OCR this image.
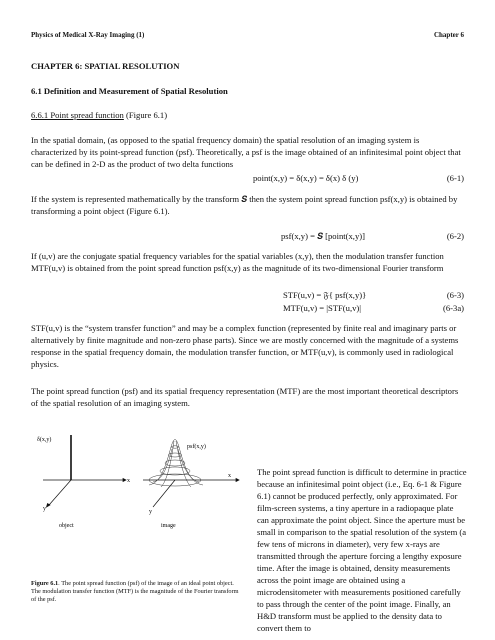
Physics of Medical X-Ray Imaging (1)	Chapter 6
CHAPTER 6: SPATIAL RESOLUTION
6.1 Definition and Measurement of Spatial Resolution
6.6.1 Point spread function (Figure 6.1)

In the spatial domain, (as opposed to the spatial frequency domain) the spatial resolution of an imaging system is characterized by its point-spread function (psf). Theoretically, a psf is the image obtained of an infinitesimal point object that can be defined in 2-D as the product of two delta functions

point(x,y) = δ(x,y) = δ(x) δ (y)	(6-1)

If the system is represented mathematically by the transform 𝑺 then the system point spread function psf(x,y) is obtained by transforming a point object (Figure 6.1).

psf(x,y) = 𝑺 [point(x,y)]	(6-2)

If (u,v) are the conjugate spatial frequency variables for the spatial variables (x,y), then the modulation transfer function MTF(u,v) is obtained from the point spread function psf(x,y) as the magnitude of its two-dimensional Fourier transform

STF(u,v) = 𝔉{ psf(x,y)}	(6-3)
MTF(u,v) = |STF(u,v)|	(6-3a)

STF(u,v) is the “system transfer function” and may be a complex function (represented by finite real and imaginary parts or alternatively by finite magnitude and non-zero phase parts). Since we are mostly concerned with the magnitude of a systems response in the spatial frequency domain, the modulation transfer function, or MTF(u,v), is commonly used in radiological physics.

The point spread function (psf) and its spatial frequency representation (MTF) are the most important theoretical descriptors of the spatial resolution of an imaging system.

δ(x,y)
x
y
object
psf(x,y)
x
y
image

Figure 6.1. The point spread function (psf) of the image of an ideal point object. The modulation transfer function (MTF) is the magnitude of the Fourier transform of the psf.

The point spread function is difficult to determine in practice because an infinitesimal point object (i.e., Eq. 6-1 & Figure 6.1) cannot be produced perfectly, only approximated. For film-screen systems, a tiny aperture in a radiopaque plate can approximate the point object. Since the aperture must be small in comparison to the spatial resolution of the system (a few tens of microns in diameter), very few x-rays are transmitted through the aperture forcing a lengthy exposure time. After the image is obtained, density measurements across the point image are obtained using a microdensitometer with measurements positioned carefully to pass through the center of the point image. Finally, an H&D transform must be applied to the density data to convert them to
